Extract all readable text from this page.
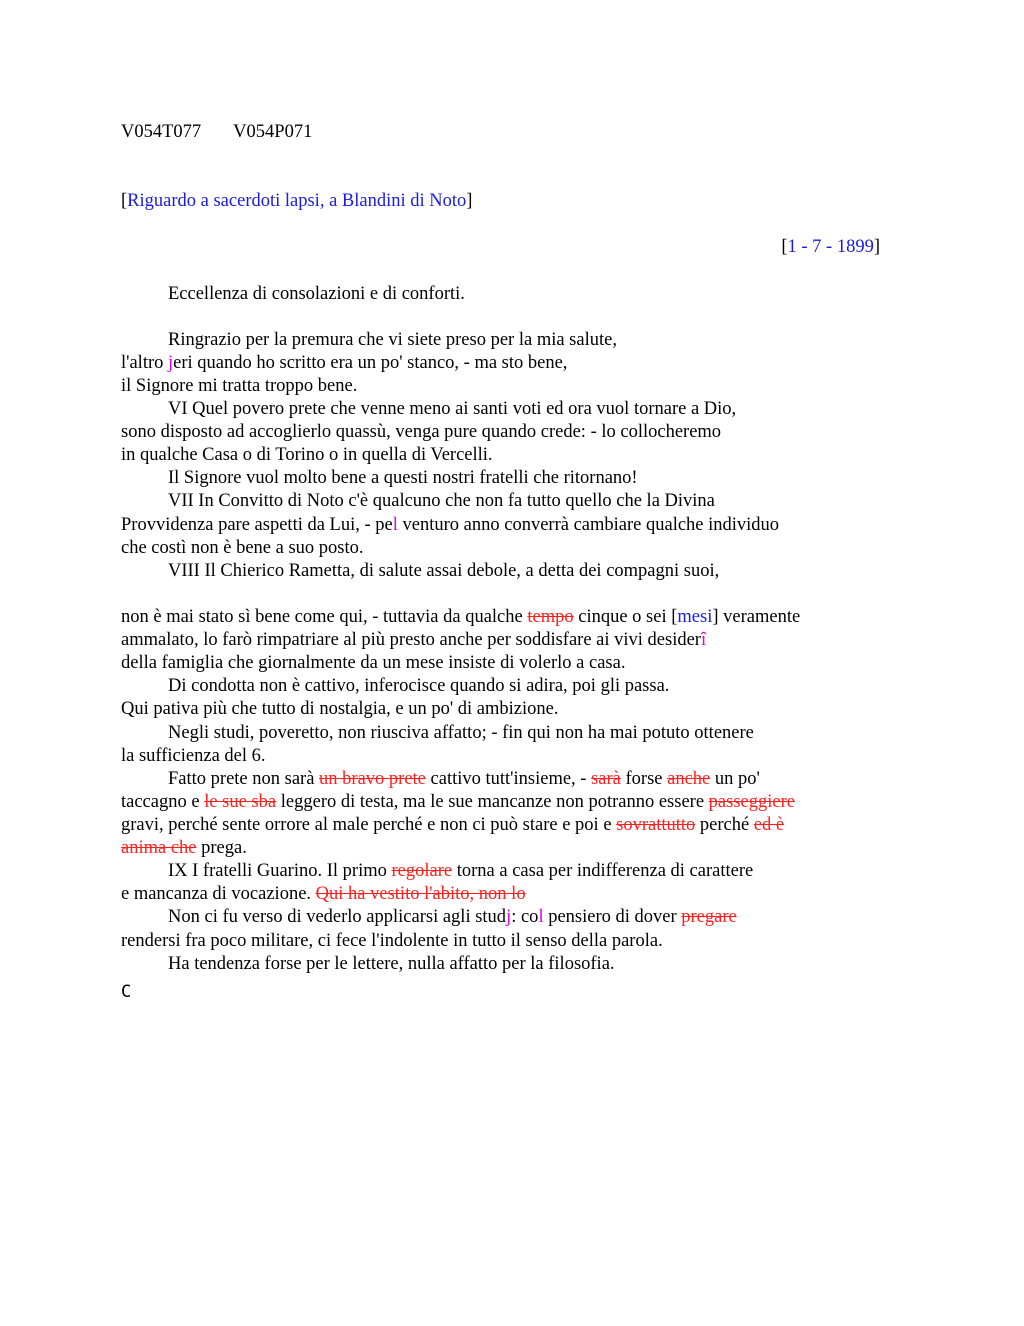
V054T077 V054P071
[Riguardo a sacerdoti lapsi, a Blandini di Noto]
[1 - 7 - 1899]
Eccellenza di consolazioni e di conforti.
Ringrazio per la premura che vi siete preso per la mia salute,
l'altro jeri quando ho scritto era un po' stanco, - ma sto bene,
il Signore mi tratta troppo bene.
VI Quel povero prete che venne meno ai santi voti ed ora vuol tornare a Dio,
sono disposto ad accoglierlo quassù, venga pure quando crede: - lo collocheremo
in qualche Casa o di Torino o in quella di Vercelli.
Il Signore vuol molto bene a questi nostri fratelli che ritornano!
VII In Convitto di Noto c'è qualcuno che non fa tutto quello che la Divina
Provvidenza pare aspetti da Lui, - pel venturo anno converrà cambiare qualche individuo
che costì non è bene a suo posto.
VIII Il Chierico Rametta, di salute assai debole, a detta dei compagni suoi,
non è mai stato sì bene come qui, - tuttavia da qualche tempo cinque o sei [mesi] veramente
ammalato, lo farò rimpatriare al più presto anche per soddisfare ai vivi desiderî
della famiglia che giornalmente da un mese insiste di volerlo a casa.
Di condotta non è cattivo, inferocisce quando si adira, poi gli passa.
Qui pativa più che tutto di nostalgia, e un po' di ambizione.
Negli studi, poveretto, non riusciva affatto; - fin qui non ha mai potuto ottenere
la sufficienza del 6.
Fatto prete non sarà un bravo prete cattivo tutt'insieme, - sarà forse anche un po'
taccagno e le sue sba leggero di testa, ma le sue mancanze non potranno essere passeggiere
gravi, perché sente orrore al male perché e non ci può stare e poi e sovrattutto perché ed è
anima che prega.
IX I fratelli Guarino. Il primo regolare torna a casa per indifferenza di carattere
e mancanza di vocazione. Qui ha vestito l'abito, non lo
Non ci fu verso di vederlo applicarsi agli studj: col pensiero di dover pregare
rendersi fra poco militare, ci fece l'indolente in tutto il senso della parola.
Ha tendenza forse per le lettere, nulla affatto per la filosofia.
C
